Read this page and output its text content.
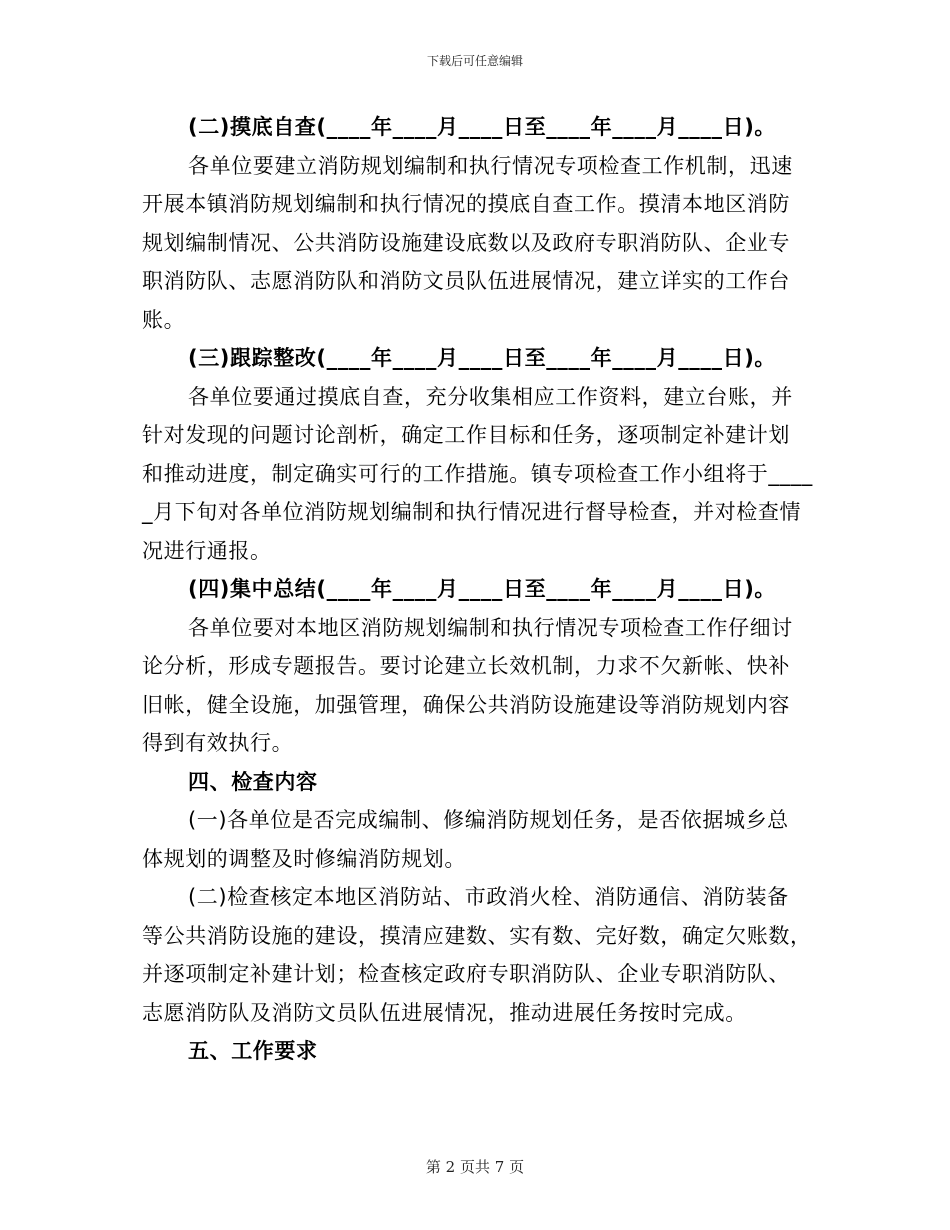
下载后可任意编辑

(二)摸底自查(____年____月____日至____年____月____日)。

各单位要建立消防规划编制和执行情况专项检查工作机制，迅速
开展本镇消防规划编制和执行情况的摸底自查工作。摸清本地区消防
规划编制情况、公共消防设施建设底数以及政府专职消防队、企业专
职消防队、志愿消防队和消防文员队伍进展情况，建立详实的工作台
账。

(三)跟踪整改(____年____月____日至____年____月____日)。

各单位要通过摸底自查，充分收集相应工作资料，建立台账，并
针对发现的问题讨论剖析，确定工作目标和任务，逐项制定补建计划
和推动进度，制定确实可行的工作措施。镇专项检查工作小组将于____
_月下旬对各单位消防规划编制和执行情况进行督导检查，并对检查情
况进行通报。

(四)集中总结(____年____月____日至____年____月____日)。

各单位要对本地区消防规划编制和执行情况专项检查工作仔细讨
论分析，形成专题报告。要讨论建立长效机制，力求不欠新帐、快补
旧帐，健全设施，加强管理，确保公共消防设施建设等消防规划内容
得到有效执行。

四、检查内容

(一)各单位是否完成编制、修编消防规划任务，是否依据城乡总
体规划的调整及时修编消防规划。
(二)检查核定本地区消防站、市政消火栓、消防通信、消防装备
等公共消防设施的建设，摸清应建数、实有数、完好数，确定欠账数，
并逐项制定补建计划；检查核定政府专职消防队、企业专职消防队、
志愿消防队及消防文员队伍进展情况，推动进展任务按时完成。

五、工作要求

第 2 页共 7 页
